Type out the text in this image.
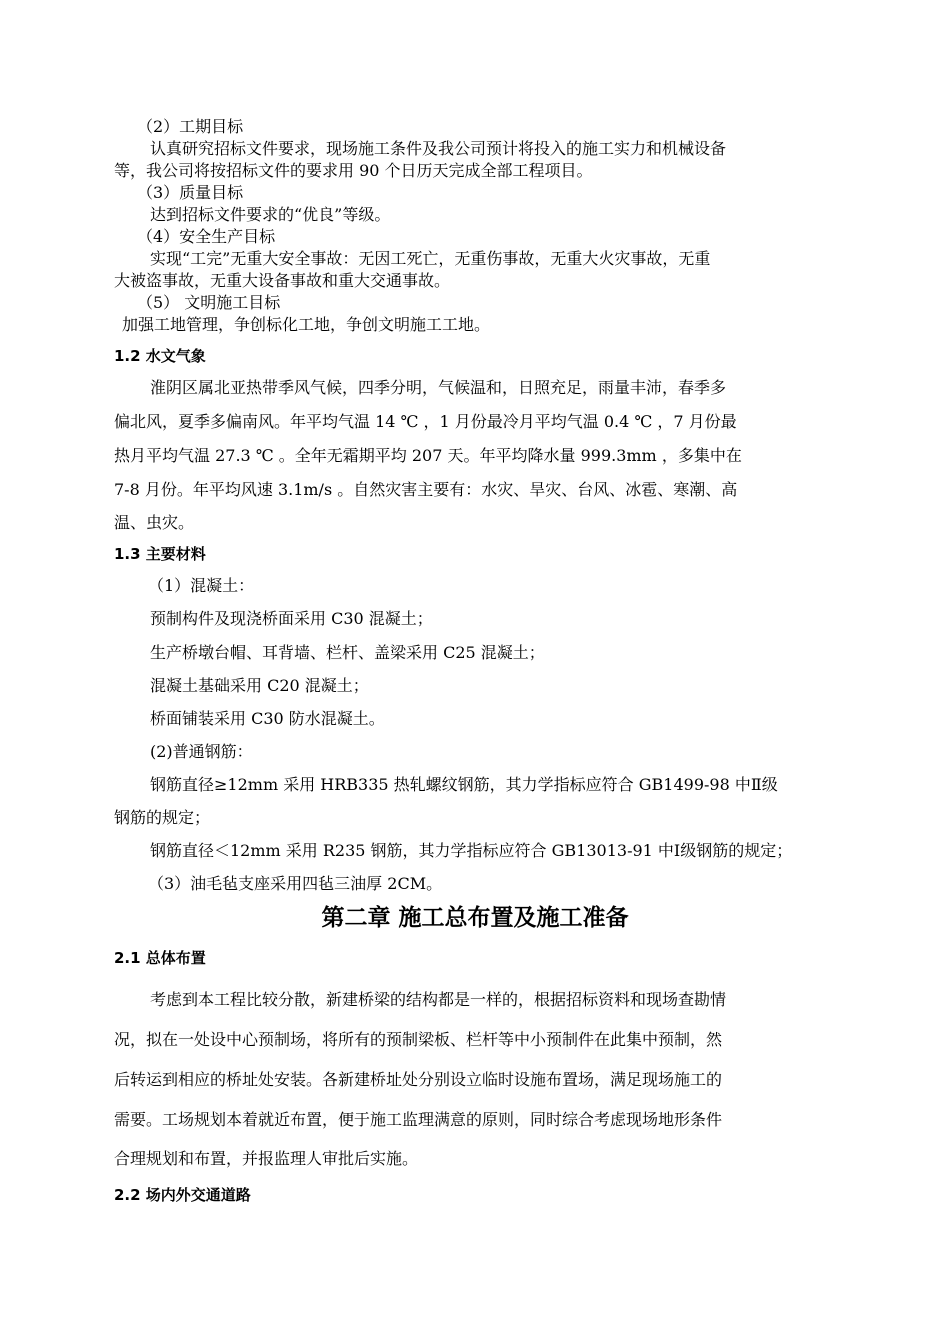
（2）工期目标
认真研究招标文件要求，现场施工条件及我公司预计将投入的施工实力和机械设备
等，我公司将按招标文件的要求用 90 个日历天完成全部工程项目。
（3）质量目标
达到招标文件要求的“优良”等级。
（4）安全生产目标
实现“工完”无重大安全事故：无因工死亡，无重伤事故，无重大火灾事故，无重
大被盗事故，无重大设备事故和重大交通事故。
（5） 文明施工目标
加强工地管理，争创标化工地，争创文明施工工地。
1.2 水文气象
淮阴区属北亚热带季风气候，四季分明，气候温和，日照充足，雨量丰沛，春季多
偏北风，夏季多偏南风。年平均气温 14 ℃ ，1 月份最冷月平均气温 0.4 ℃ ，7 月份最
热月平均气温 27.3 ℃ 。全年无霜期平均 207 天。年平均降水量 999.3mm ，多集中在
7-8 月份。年平均风速 3.1m/s 。自然灾害主要有：水灾、旱灾、台风、冰雹、寒潮、高
温、虫灾。
1.3 主要材料
（1）混凝土：
预制构件及现浇桥面采用 C30 混凝土；
生产桥墩台帽、耳背墙、栏杆、盖梁采用 C25 混凝土；
混凝土基础采用 C20 混凝土；
桥面铺装采用 C30 防水混凝土。
(2)普通钢筋：
钢筋直径≥12mm 采用 HRB335 热轧螺纹钢筋，其力学指标应符合 GB1499-98 中Ⅱ级
钢筋的规定；
钢筋直径＜12mm 采用 R235 钢筋，其力学指标应符合 GB13013-91 中Ⅰ级钢筋的规定；
（3）油毛毡支座采用四毡三油厚 2CM。
第二章 施工总布置及施工准备
2.1 总体布置
考虑到本工程比较分散，新建桥梁的结构都是一样的，根据招标资料和现场查勘情
况，拟在一处设中心预制场，将所有的预制梁板、栏杆等中小预制件在此集中预制，然
后转运到相应的桥址处安装。各新建桥址处分别设立临时设施布置场，满足现场施工的
需要。工场规划本着就近布置，便于施工监理满意的原则，同时综合考虑现场地形条件
合理规划和布置，并报监理人审批后实施。
2.2 场内外交通道路
